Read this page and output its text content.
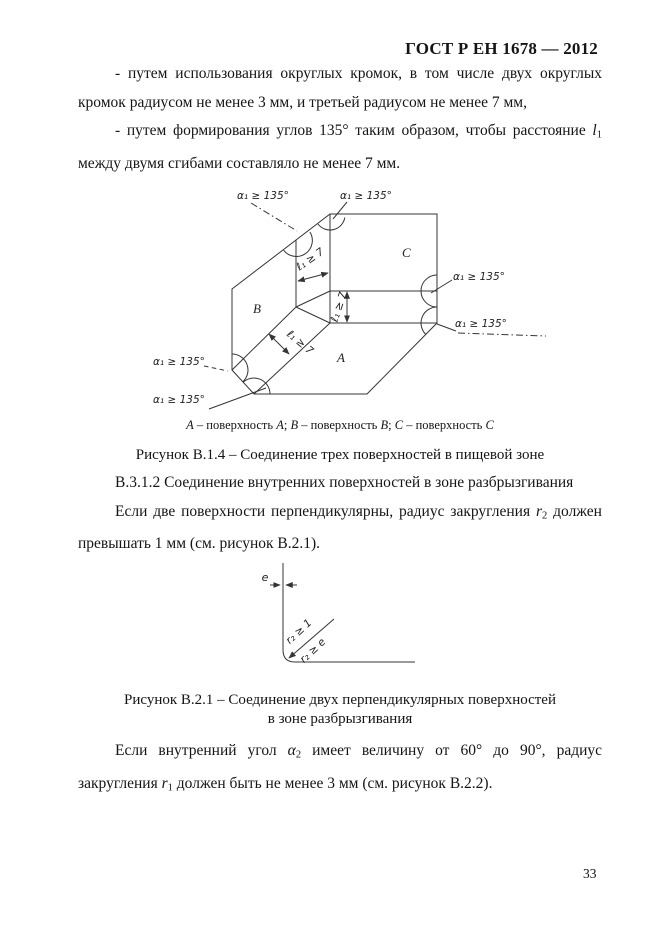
ГОСТ Р ЕН 1678 — 2012
- путем использования округлых кромок, в том числе двух округлых
кромок радиусом не менее 3 мм, и третьей радиусом не менее 7 мм,
- путем формирования углов 135° таким образом, чтобы расстояние l1
между двумя сгибами составляло не менее 7 мм.
α₁ ≥ 135°	α₁ ≥ 135°
α₁ ≥ 135°
α₁ ≥ 135°
α₁ ≥ 135°
α₁ ≥ 135°
ℓ₁ ≥ 7
ℓ₁ ≥ 7
ℓ₁ ≥ 7
B
A
C
A – поверхность A; B – поверхность B; C – поверхность C
Рисунок В.1.4 – Соединение трех поверхностей в пищевой зоне
В.3.1.2 Соединение внутренних поверхностей в зоне разбрызгивания
Если две поверхности перпендикулярны, радиус закругления r2 должен
превышать 1 мм (см. рисунок В.2.1).
e
r₂ ≥ 1
r₂ ≥ e
Рисунок В.2.1 – Соединение двух перпендикулярных поверхностей
в зоне разбрызгивания
Если внутренний угол α2 имеет величину от 60° до 90°, радиус
закругления r1 должен быть не менее 3 мм (см. рисунок В.2.2).
33
